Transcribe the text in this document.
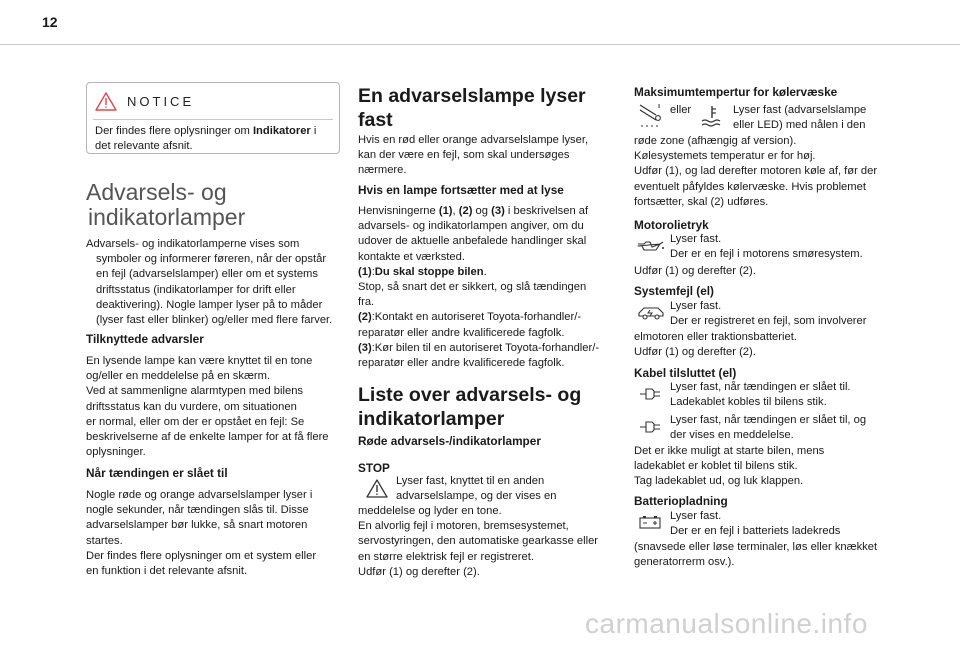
12
NOTICE

Der findes flere oplysninger om Indikatorer i det relevante afsnit.

Advarsels- og
indikatorlamper

Advarsels- og indikatorlamperne vises som

symboler og informerer føreren, når der opstår

en fejl (advarselslamper) eller om et systems

driftsstatus (indikatorlamper for drift eller

deaktivering). Nogle lamper lyser på to måder

(lyser fast eller blinker) og/eller med flere farver.

Tilknyttede advarsler

En lysende lampe kan være knyttet til en tone

og/eller en meddelelse på en skærm.

Ved at sammenligne alarmtypen med bilens

driftsstatus kan du vurdere, om situationen

er normal, eller om der er opstået en fejl: Se

beskrivelserne af de enkelte lamper for at få flere

oplysninger.

Når tændingen er slået til

Nogle røde og orange advarselslamper lyser i

nogle sekunder, når tændingen slås til. Disse

advarselslamper bør lukke, så snart motoren

startes.

Der findes flere oplysninger om et system eller

en funktion i det relevante afsnit.

En advarselslampe lyser
fast

Hvis en rød eller orange advarselslampe lyser,

kan der være en fejl, som skal undersøges

nærmere.

Hvis en lampe fortsætter med at lyse

Henvisningerne (1), (2) og (3) i beskrivelsen af

advarsels- og indikatorlampen angiver, om du

udover de aktuelle anbefalede handlinger skal

kontakte et værksted.

(1):Du skal stoppe bilen.

Stop, så snart det er sikkert, og slå tændingen

fra.

(2):Kontakt en autoriseret Toyota-forhandler/-

reparatør eller andre kvalificerede fagfolk.

(3):Kør bilen til en autoriseret Toyota-forhandler/-

reparatør eller andre kvalificerede fagfolk.

Liste over advarsels- og
indikatorlamper
Røde advarsels-/indikatorlamper
STOP

Lyser fast, knyttet til en anden

advarselslampe, og der vises en

meddelelse og lyder en tone.

En alvorlig fejl i motoren, bremsesystemet,

servostyringen, den automatiske gearkasse eller

en større elektrisk fejl er registreret.

Udfør (1) og derefter (2).

Maksimumtempertur for kølervæske

eller	Lyser fast (advarselslampe

eller LED) med nålen i den

røde zone (afhængig af version).

Kølesystemets temperatur er for høj.

Udfør (1), og lad derefter motoren køle af, før der

eventuelt påfyldes kølervæske. Hvis problemet

fortsætter, skal (2) udføres.

Motorolietryk

Lyser fast.

Der er en fejl i motorens smøresystem.

Udfør (1) og derefter (2).

Systemfejl (el)

Lyser fast.

Der er registreret en fejl, som involverer

elmotoren eller traktionsbatteriet.

Udfør (1) og derefter (2).

Kabel tilsluttet (el)

Lyser fast, når tændingen er slået til.

Ladekablet kobles til bilens stik.

Lyser fast, når tændingen er slået til, og

der vises en meddelelse.

Det er ikke muligt at starte bilen, mens

ladekablet er koblet til bilens stik.

Tag ladekablet ud, og luk klappen.

Batteriopladning

Lyser fast.

Der er en fejl i batteriets ladekreds

(snavsede eller løse terminaler, løs eller knækket

generatorrerm osv.).

carmanualsonline.info
